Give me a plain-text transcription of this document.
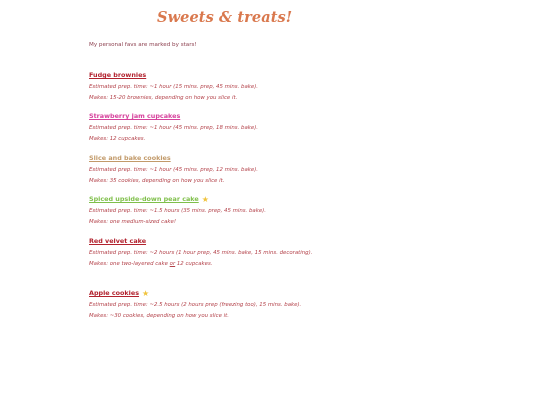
Sweets & treats!
My personal favs are marked by stars!
Fudge brownies
Estimated prep. time: ~1 hour (15 mins. prep, 45 mins. bake).
Makes: 15-20 brownies, depending on how you slice it.
Strawberry jam cupcakes
Estimated prep. time: ~1 hour (45 mins. prep, 18 mins. bake).
Makes: 12 cupcakes.
Slice and bake cookies
Estimated prep. time: ~1 hour (45 mins. prep, 12 mins. bake).
Makes: 35 cookies, depending on how you slice it.
Spiced upside-down pear cake ★
Estimated prep. time: ~1.5 hours (35 mins. prep, 45 mins. bake).
Makes: one medium-sized cake!
Red velvet cake
Estimated prep. time: ~2 hours (1 hour prep, 45 mins. bake, 15 mins. decorating).
Makes: one two-layered cake or 12 cupcakes.
Apple cookies ★
Estimated prep. time: ~2.5 hours (2 hours prep (freezing too), 15 mins. bake).
Makes: ~30 cookies, depending on how you slice it.
